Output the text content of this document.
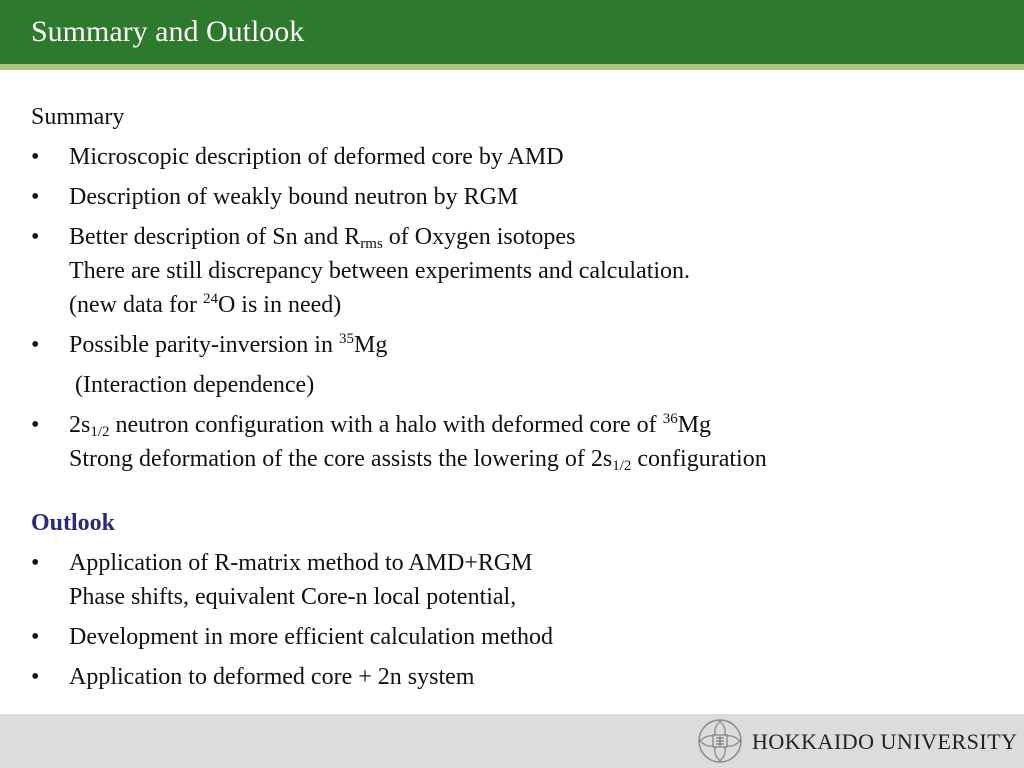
Summary and Outlook
Summary
•	Microscopic description of deformed core by AMD
•	Description of weakly bound neutron by RGM
•	Better description of Sn and $R_{rms}$ of Oxygen isotopes
There are still discrepancy between experiments and calculation.
(new data for $^{24}$O is in need)
•	Possible parity-inversion in $^{35}$Mg
(Interaction dependence)
•	$2s_{1/2}$ neutron configuration with a halo with deformed core of $^{36}$Mg
Strong deformation of the core assists the lowering of $2s_{1/2}$ configuration
Outlook
•	Application of R-matrix method to AMD+RGM
Phase shifts, equivalent Core-n local potential,
•	Development in more efficient calculation method
•	Application to deformed core + 2n system
HOKKAIDO UNIVERSITY
